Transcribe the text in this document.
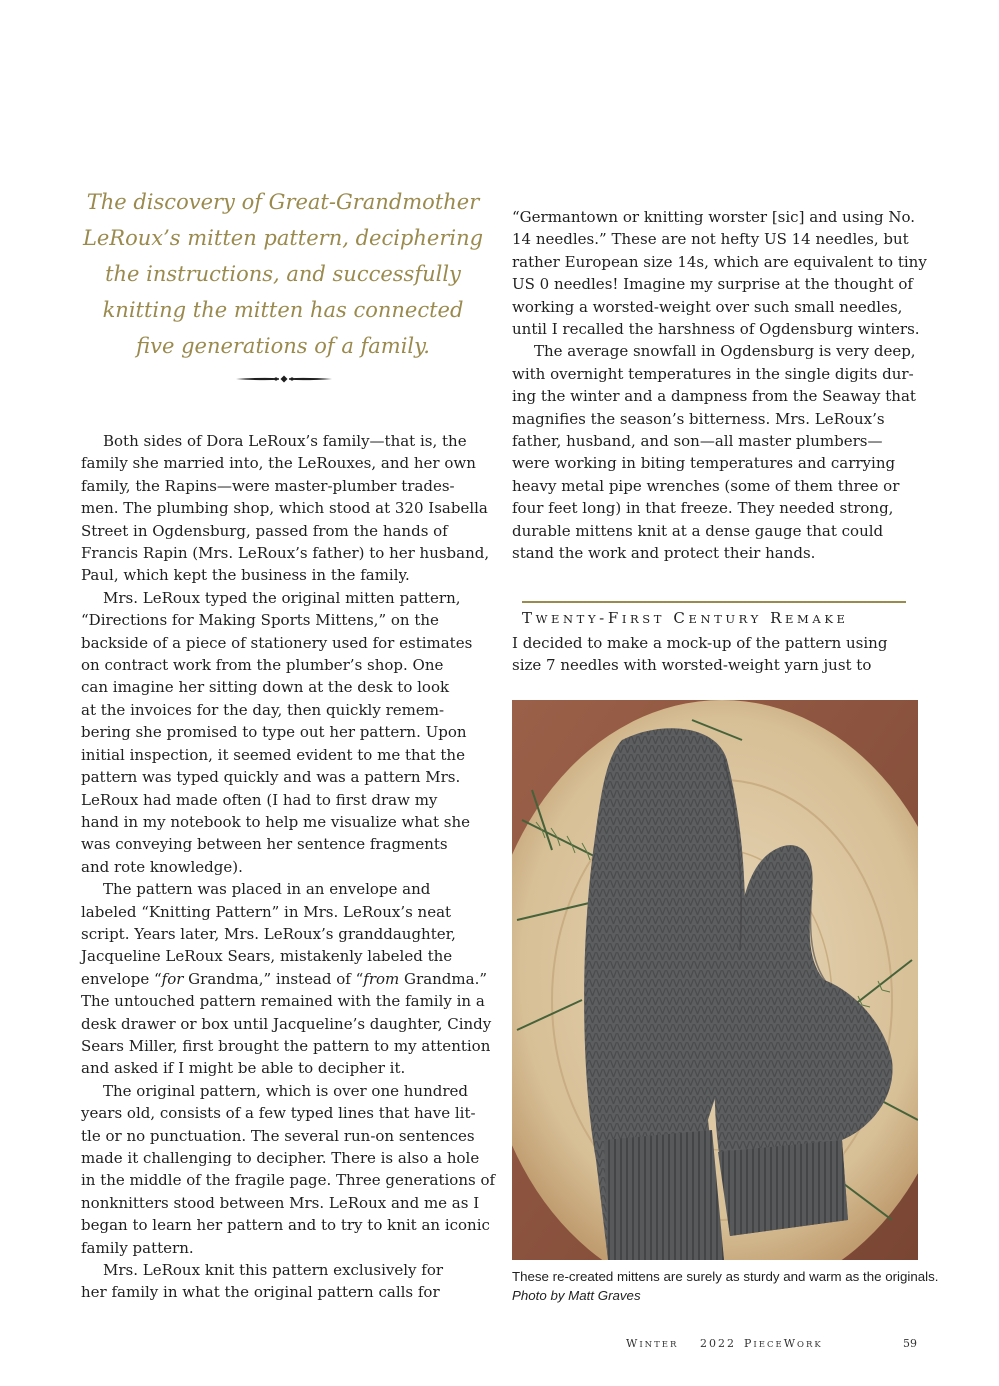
The discovery of Great-Grandmother

LeRoux’s mitten pattern, deciphering

the instructions, and successfully

knitting the mitten has connected

five generations of a family.

Both sides of Dora LeRoux’s family—that is, the
family she married into, the LeRouxes, and her own
family, the Rapins—were master-plumber trades-
men. The plumbing shop, which stood at 320 Isabella
Street in Ogdensburg, passed from the hands of
Francis Rapin (Mrs. LeRoux’s father) to her husband,
Paul, which kept the business in the family.

Mrs. LeRoux typed the original mitten pattern,
“Directions for Making Sports Mittens,” on the
backside of a piece of stationery used for estimates
on contract work from the plumber’s shop. One
can imagine her sitting down at the desk to look
at the invoices for the day, then quickly remem-
bering she promised to type out her pattern. Upon
initial inspection, it seemed evident to me that the
pattern was typed quickly and was a pattern Mrs.
LeRoux had made often (I had to first draw my
hand in my notebook to help me visualize what she
was conveying between her sentence fragments
and rote knowledge).

The pattern was placed in an envelope and
labeled “Knitting Pattern” in Mrs. LeRoux’s neat
script. Years later, Mrs. LeRoux’s granddaughter,
Jacqueline LeRoux Sears, mistakenly labeled the
envelope “for Grandma,” instead of “from Grandma.”
The untouched pattern remained with the family in a
desk drawer or box until Jacqueline’s daughter, Cindy
Sears Miller, first brought the pattern to my attention
and asked if I might be able to decipher it.

The original pattern, which is over one hundred
years old, consists of a few typed lines that have lit-
tle or no punctuation. The several run-on sentences
made it challenging to decipher. There is also a hole
in the middle of the fragile page. Three generations of
nonknitters stood between Mrs. LeRoux and me as I
began to learn her pattern and to try to knit an iconic
family pattern.

Mrs. LeRoux knit this pattern exclusively for
her family in what the original pattern calls for

“Germantown or knitting worster [sic] and using No.
14 needles.” These are not hefty US 14 needles, but
rather European size 14s, which are equivalent to tiny
US 0 needles! Imagine my surprise at the thought of
working a worsted-weight over such small needles,
until I recalled the harshness of Ogdensburg winters.

The average snowfall in Ogdensburg is very deep,
with overnight temperatures in the single digits dur-
ing the winter and a dampness from the Seaway that
magnifies the season’s bitterness. Mrs. LeRoux’s
father, husband, and son—all master plumbers—
were working in biting temperatures and carrying
heavy metal pipe wrenches (some of them three or
four feet long) in that freeze. They needed strong,
durable mittens knit at a dense gauge that could
stand the work and protect their hands.

TWENTY-FIRST CENTURY REMAKE

I decided to make a mock-up of the pattern using
size 7 needles with worsted-weight yarn just to

These re-created mittens are surely as sturdy and warm as the originals.
Photo by Matt Graves
WINTER 2022 PIECEWORK	59
